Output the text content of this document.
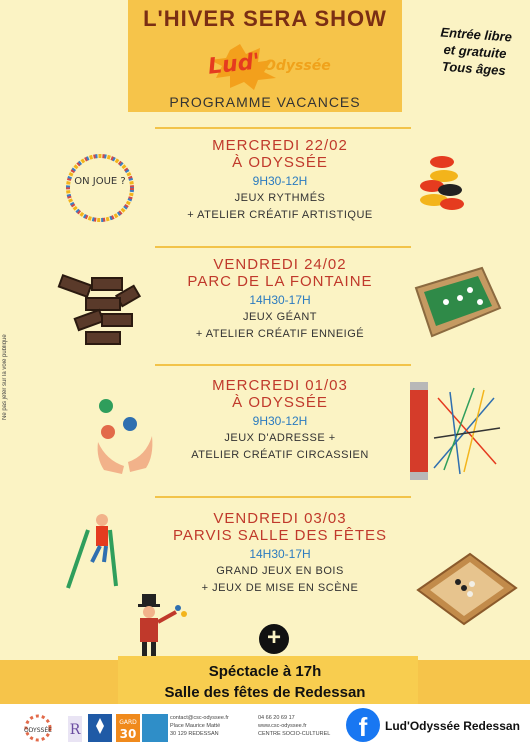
L'HIVER SERA SHOW
Lud' Odyssée
Entrée libre
et gratuite
Tous âges
PROGRAMME VACANCES
MERCREDI 22/02
À ODYSSÉE
9H30-12H
JEUX RYTHMÉS
+ ATELIER CRÉATIF ARTISTIQUE
VENDREDI 24/02
PARC DE LA FONTAINE
14H30-17H
JEUX GÉANT
+ ATELIER CRÉATIF ENNEIGÉ
MERCREDI 01/03
À ODYSSÉE
9H30-12H
JEUX D'ADRESSE +
ATELIER CRÉATIF CIRCASSIEN
VENDREDI 03/03
PARVIS SALLE DES FÊTES
14H30-17H
GRAND JEUX EN BOIS
+ JEUX DE MISE EN SCÈNE
ON JOUE ?
Ne pas jeter sur la voie publique
+
Spéctacle à 17h
Salle des fêtes de Redessan
ODYSSÉE R	GARD
30
contact@csc-odyssee.fr
Place Maurice Matté
30 129 REDESSAN
04 66 20 69 17
www.csc-odyssee.fr
CENTRE SOCIO-CULTUREL	f	Lud'Odyssée Redessan
